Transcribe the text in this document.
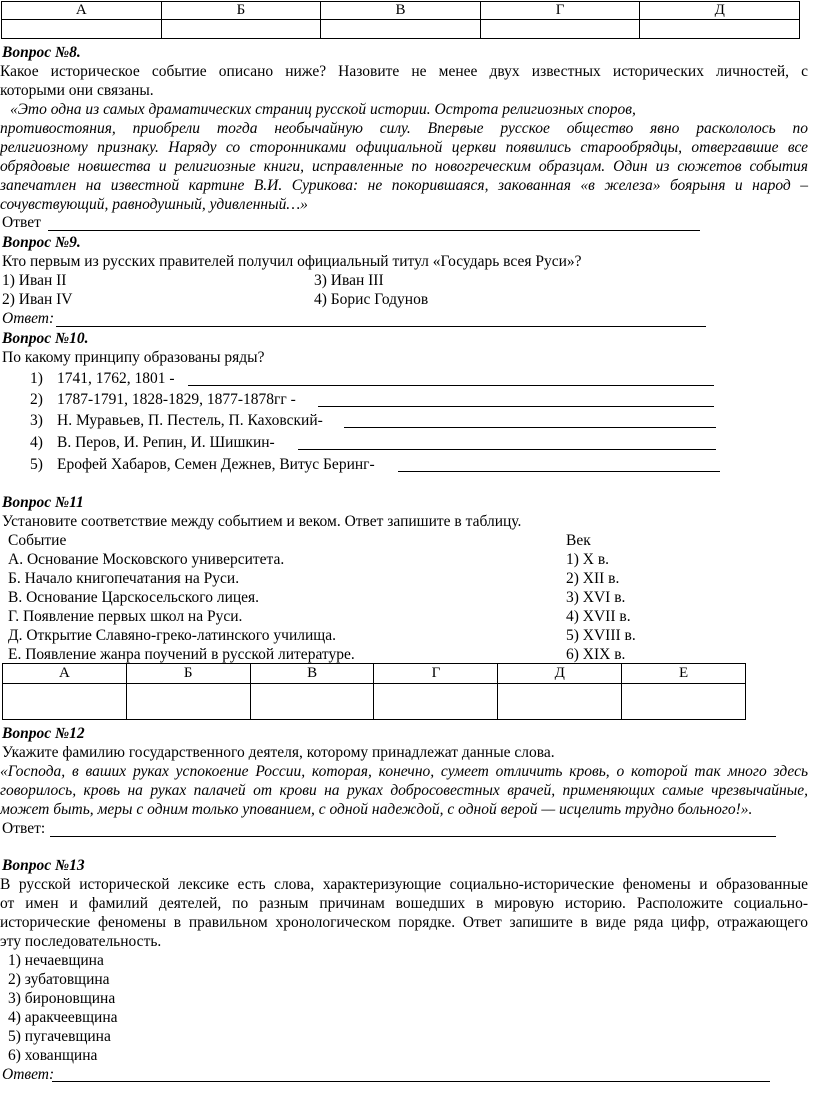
А	Б	В	Г	Д

Вопрос №8.
Какое историческое событие описано ниже? Назовите не менее двух известных исторических личностей, с
которыми они связаны.
«Это одна из самых драматических страниц русской истории. Острота религиозных споров,
противостояния, приобрели тогда необычайную силу. Впервые русское общество явно раскололось по
религиозному признаку. Наряду со сторонниками официальной церкви появились старообрядцы, отвергавшие все
обрядовые новшества и религиозные книги, исправленные по новогреческим образцам. Один из сюжетов события
запечатлен на известной картине В.И. Сурикова: не покорившаяся, закованная «в железа» боярыня и народ –
сочувствующий, равнодушный, удивленный…»
Ответ
Вопрос №9.
Кто первым из русских правителей получил официальный титул «Государь всея Руси»?
1) Иван II	3) Иван III
2) Иван IV	4) Борис Годунов
Ответ:
Вопрос №10.
По какому принципу образованы ряды?
1) 1741, 1762, 1801 -
2) 1787-1791, 1828-1829, 1877-1878гг -
3) Н. Муравьев, П. Пестель, П. Каховский-
4) В. Перов, И. Репин, И. Шишкин-
5) Ерофей Хабаров, Семен Дежнев, Витус Беринг-
Вопрос №11
Установите соответствие между событием и веком. Ответ запишите в таблицу.
Событие	Век
А. Основание Московского университета.	1) X в.
Б. Начало книгопечатания на Руси.	2) XII в.
В. Основание Царскосельского лицея.	3) XVI в.
Г. Появление первых школ на Руси.	4) XVII в.
Д. Открытие Славяно-греко-латинского училища.	5) XVIII в.
Е. Появление жанра поучений в русской литературе.	6) XIX в.
А	Б	В	Г	Д	Е

Вопрос №12
Укажите фамилию государственного деятеля, которому принадлежат данные слова.
«Господа, в ваших руках успокоение России, которая, конечно, сумеет отличить кровь, о которой так много здесь
говорилось, кровь на руках палачей от крови на руках добросовестных врачей, применяющих самые чрезвычайные,
может быть, меры с одним только упованием, с одной надеждой, с одной верой — исцелить трудно больного!».
Ответ:
Вопрос №13
В русской исторической лексике есть слова, характеризующие социально-исторические феномены и образованные
от имен и фамилий деятелей, по разным причинам вошедших в мировую историю. Расположите социально-
исторические феномены в правильном хронологическом порядке. Ответ запишите в виде ряда цифр, отражающего
эту последовательность.
1) нечаевщина
2) зубатовщина
3) бироновщина
4) аракчеевщина
5) пугачевщина
6) хованщина
Ответ:
